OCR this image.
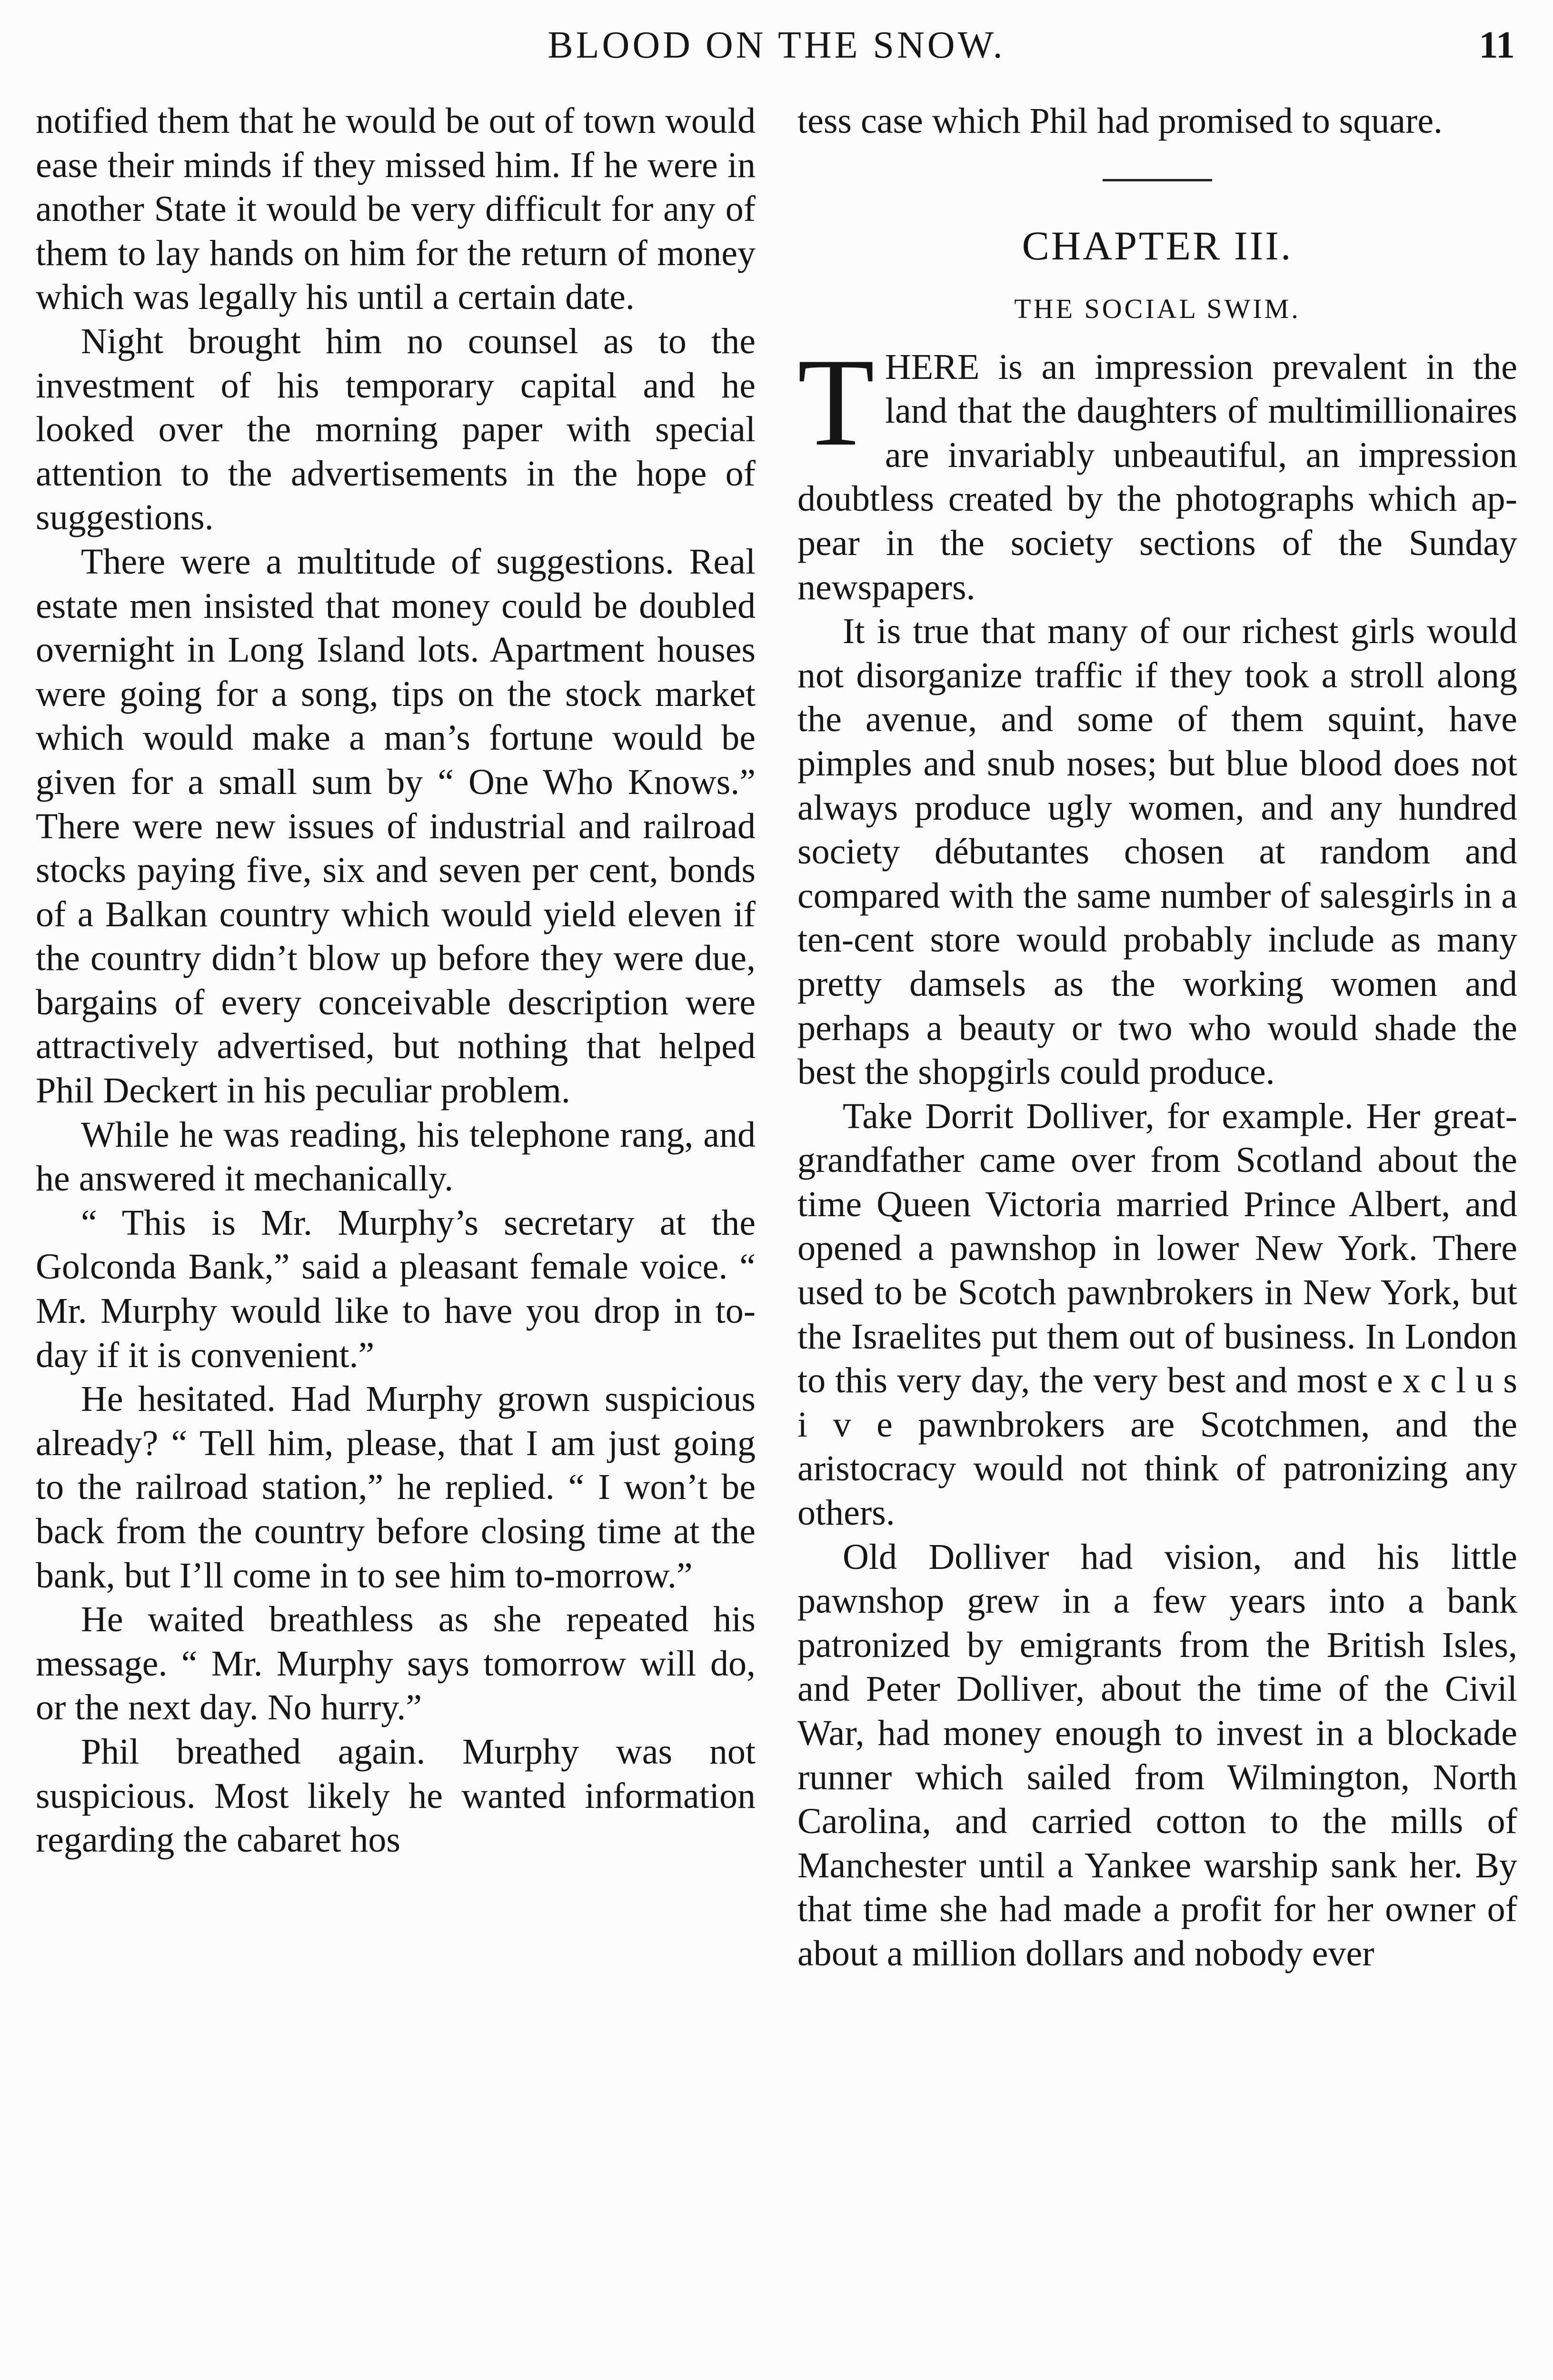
BLOOD ON THE SNOW.	11

notified them that he would be out of town would ease their minds if they missed him. If he were in another State it would be very difficult for any of them to lay hands on him for the return of money which was legally his until a certain date.

Night brought him no counsel as to the investment of his temporary capital and he looked over the morning paper with special attention to the advertisements in the hope of suggestions.

There were a multitude of suggestions. Real estate men insisted that money could be doubled overnight in Long Island lots. Apartment houses were going for a song, tips on the stock market which would make a man’s fortune would be given for a small sum by “ One Who Knows.” There were new issues of industrial and railroad stocks paying five, six and seven per cent, bonds of a Balkan country which would yield eleven if the country didn’t blow up before they were due, bargains of every conceivable description were attractively advertised, but nothing that helped Phil Deckert in his peculiar problem.

While he was reading, his telephone rang, and he answered it mechanically.

“ This is Mr. Murphy’s secretary at the Golconda Bank,” said a pleasant female voice. “ Mr. Murphy would like to have you drop in to-day if it is convenient.”

He hesitated. Had Murphy grown suspicious already? “ Tell him, please, that I am just going to the railroad station,” he replied. “ I won’t be back from the country before closing time at the bank, but I’ll come in to see him to-morrow.”

He waited breathless as she repeated his message. “ Mr. Murphy says tomorrow will do, or the next day. No hurry.”

Phil breathed again. Murphy was not suspicious. Most likely he wanted information regarding the cabaret hos

tess case which Phil had promised to square.

CHAPTER III.
THE SOCIAL SWIM.

THERE is an impression prevalent in the land that the daughters of multimillionaires are invariably unbeautiful, an impression doubtless created by the photographs which appear in the society sections of the Sunday newspapers.

It is true that many of our richest girls would not disorganize traffic if they took a stroll along the avenue, and some of them squint, have pimples and snub noses; but blue blood does not always produce ugly women, and any hundred society débutantes chosen at random and compared with the same number of salesgirls in a ten-cent store would probably include as many pretty damsels as the working women and perhaps a beauty or two who would shade the best the shopgirls could produce.

Take Dorrit Dolliver, for example. Her great-grandfather came over from Scotland about the time Queen Victoria married Prince Albert, and opened a pawnshop in lower New York. There used to be Scotch pawnbrokers in New York, but the Israelites put them out of business. In London to this very day, the very best and most e x c l u s i v e pawnbrokers are Scotchmen, and the aristocracy would not think of patronizing any others.

Old Dolliver had vision, and his little pawnshop grew in a few years into a bank patronized by emigrants from the British Isles, and Peter Dolliver, about the time of the Civil War, had money enough to invest in a blockade runner which sailed from Wilmington, North Carolina, and carried cotton to the mills of Manchester until a Yankee warship sank her. By that time she had made a profit for her owner of about a million dollars and nobody ever
